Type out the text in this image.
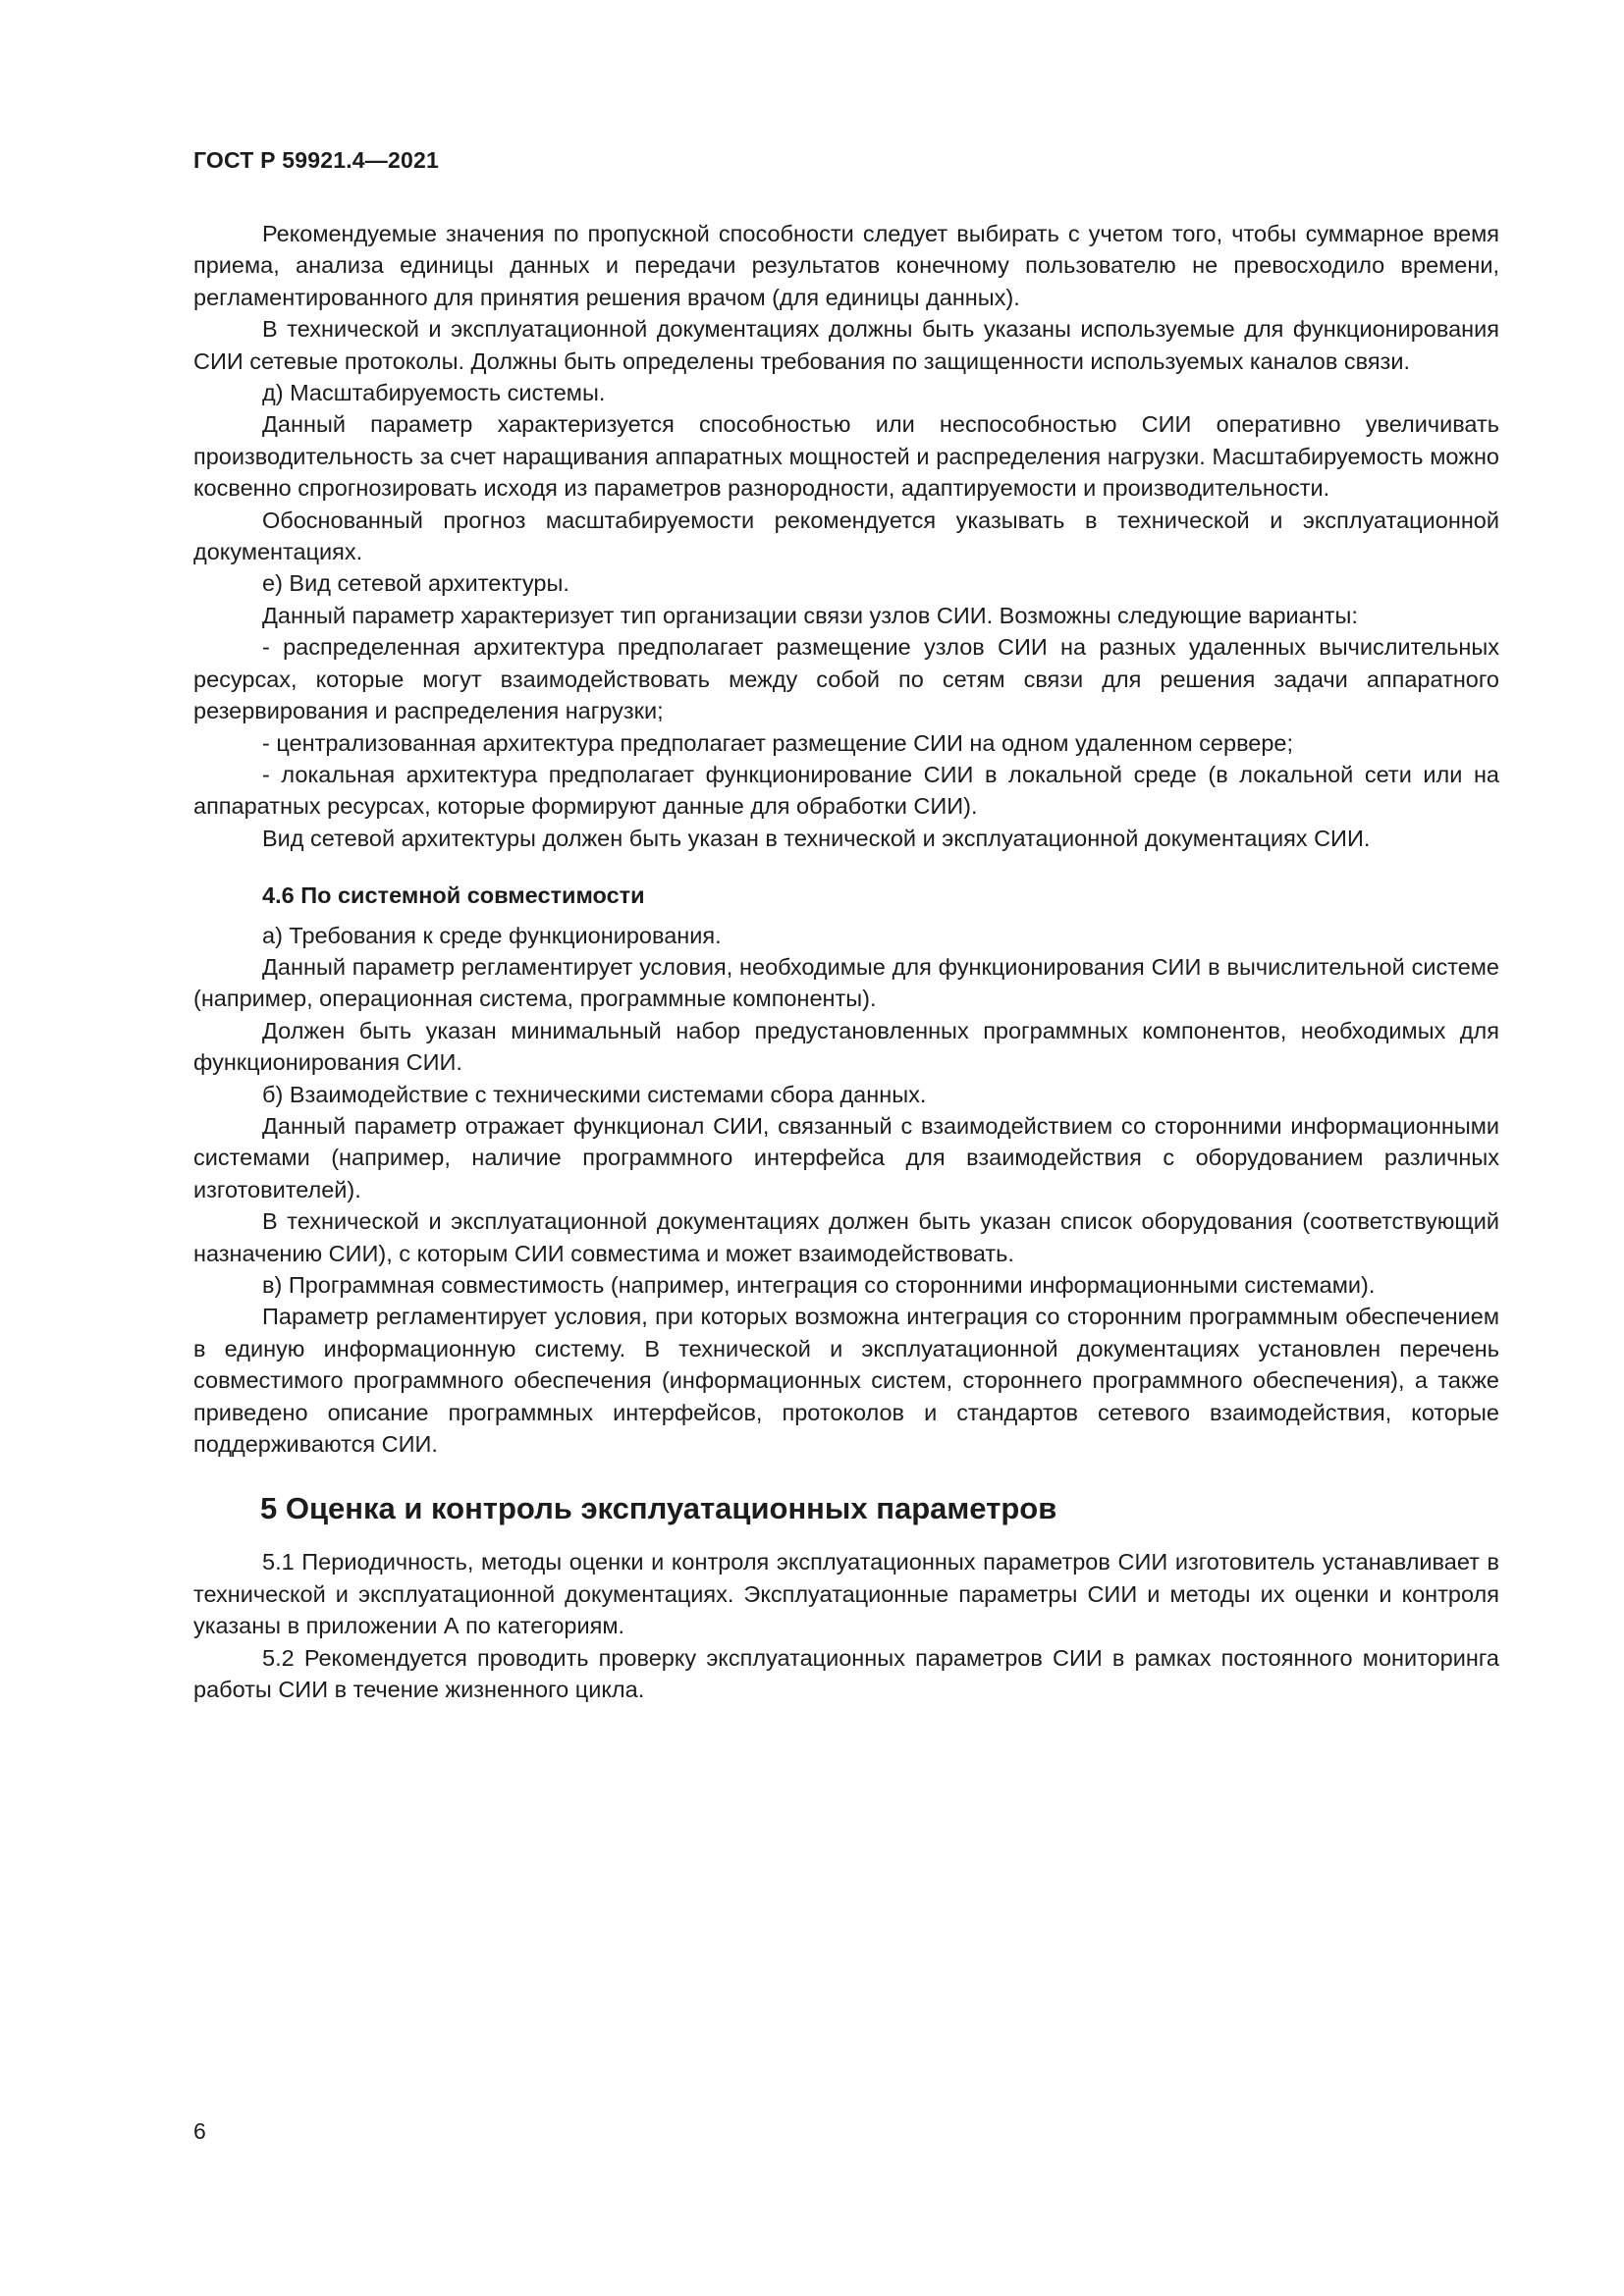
ГОСТ Р 59921.4—2021

Рекомендуемые значения по пропускной способности следует выбирать с учетом того, чтобы суммарное время приема, анализа единицы данных и передачи результатов конечному пользователю не превосходило времени, регламентированного для принятия решения врачом (для единицы данных).

В технической и эксплуатационной документациях должны быть указаны используемые для функционирования СИИ сетевые протоколы. Должны быть определены требования по защищенности используемых каналов связи.

д) Масштабируемость системы.

Данный параметр характеризуется способностью или неспособностью СИИ оперативно увеличивать производительность за счет наращивания аппаратных мощностей и распределения нагрузки. Масштабируемость можно косвенно спрогнозировать исходя из параметров разнородности, адаптируемости и производительности.

Обоснованный прогноз масштабируемости рекомендуется указывать в технической и эксплуатационной документациях.

е) Вид сетевой архитектуры.

Данный параметр характеризует тип организации связи узлов СИИ. Возможны следующие варианты:

- распределенная архитектура предполагает размещение узлов СИИ на разных удаленных вычислительных ресурсах, которые могут взаимодействовать между собой по сетям связи для решения задачи аппаратного резервирования и распределения нагрузки;

- централизованная архитектура предполагает размещение СИИ на одном удаленном сервере;

- локальная архитектура предполагает функционирование СИИ в локальной среде (в локальной сети или на аппаратных ресурсах, которые формируют данные для обработки СИИ).

Вид сетевой архитектуры должен быть указан в технической и эксплуатационной документациях СИИ.

4.6 По системной совместимости

а) Требования к среде функционирования.

Данный параметр регламентирует условия, необходимые для функционирования СИИ в вычислительной системе (например, операционная система, программные компоненты).

Должен быть указан минимальный набор предустановленных программных компонентов, необходимых для функционирования СИИ.

б) Взаимодействие с техническими системами сбора данных.

Данный параметр отражает функционал СИИ, связанный с взаимодействием со сторонними информационными системами (например, наличие программного интерфейса для взаимодействия с оборудованием различных изготовителей).

В технической и эксплуатационной документациях должен быть указан список оборудования (соответствующий назначению СИИ), с которым СИИ совместима и может взаимодействовать.

в) Программная совместимость (например, интеграция со сторонними информационными системами).

Параметр регламентирует условия, при которых возможна интеграция со сторонним программным обеспечением в единую информационную систему. В технической и эксплуатационной документациях установлен перечень совместимого программного обеспечения (информационных систем, стороннего программного обеспечения), а также приведено описание программных интерфейсов, протоколов и стандартов сетевого взаимодействия, которые поддерживаются СИИ.

5 Оценка и контроль эксплуатационных параметров

5.1 Периодичность, методы оценки и контроля эксплуатационных параметров СИИ изготовитель устанавливает в технической и эксплуатационной документациях. Эксплуатационные параметры СИИ и методы их оценки и контроля указаны в приложении А по категориям.

5.2 Рекомендуется проводить проверку эксплуатационных параметров СИИ в рамках постоянного мониторинга работы СИИ в течение жизненного цикла.

6
